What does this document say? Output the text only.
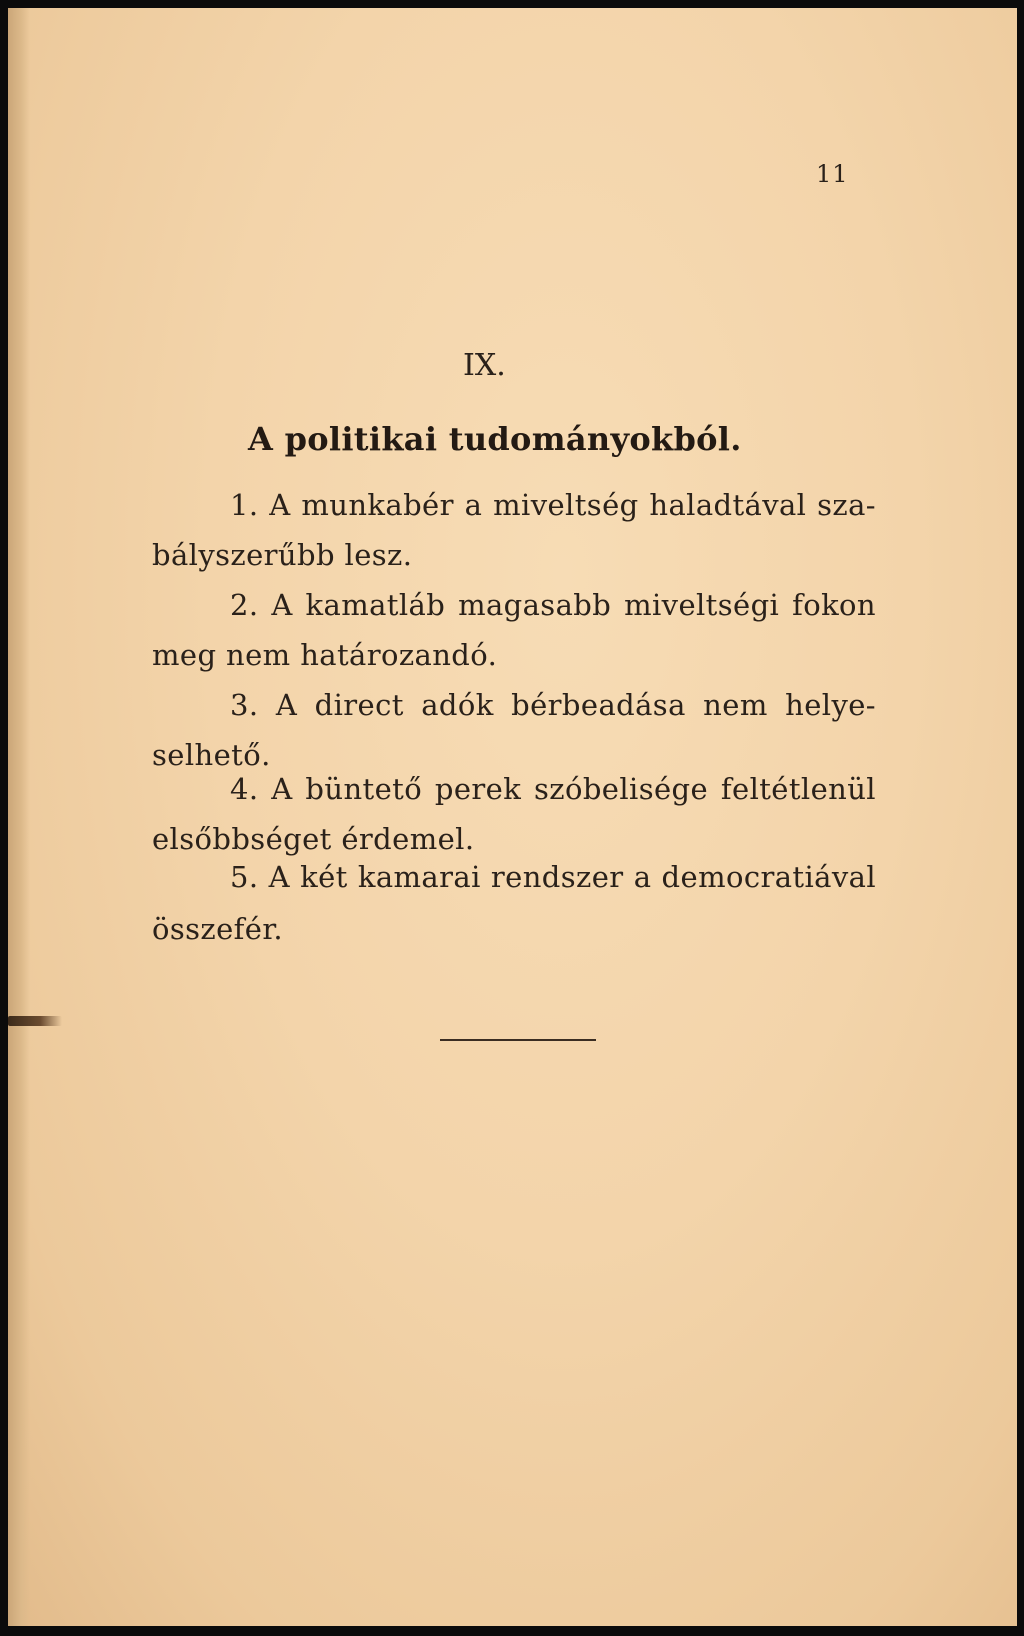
11
IX.
A politikai tudományokból.
1. A munkabér a miveltség haladtával sza-
bályszerűbb lesz.
2. A kamatláb magasabb miveltségi fokon
meg nem határozandó.
3. A direct adók bérbeadása nem helye-
selhető.
4. A büntető perek szóbelisége feltétlenül
elsőbbséget érdemel.
5. A két kamarai rendszer a democratiával
összefér.
